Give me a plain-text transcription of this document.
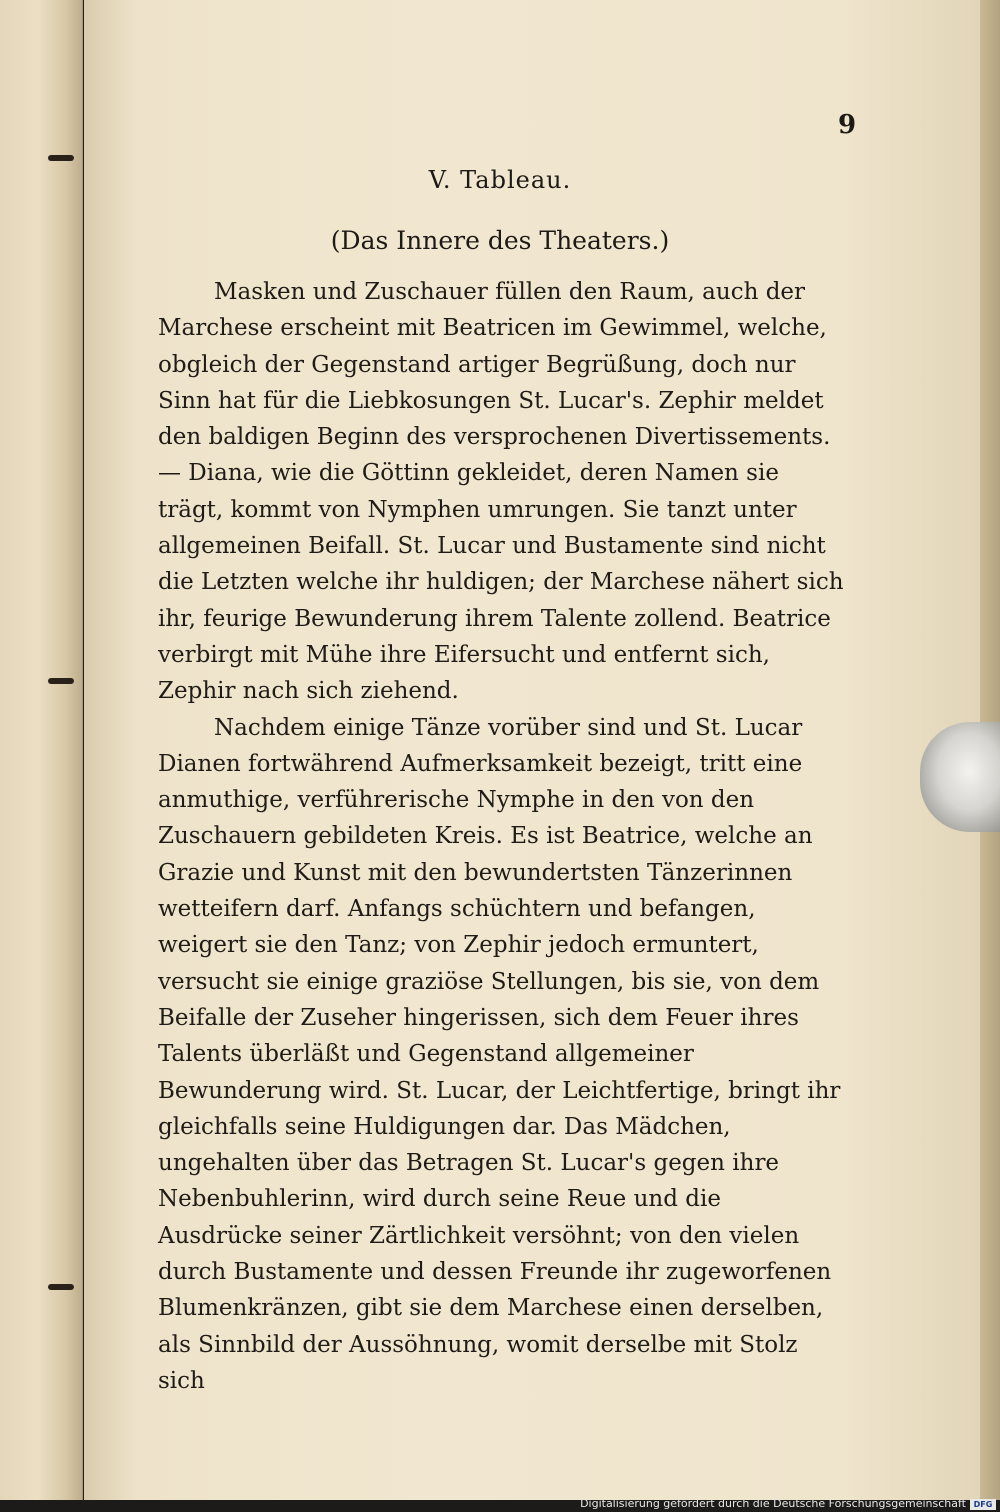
9
V. Tableau.
(Das Innere des Theaters.)

Masken und Zuschauer füllen den Raum, auch der Marchese erscheint mit Beatricen im Gewimmel, welche, obgleich der Gegenstand artiger Begrüßung, doch nur Sinn hat für die Liebkosungen St. Lucar's. Zephir meldet den baldigen Beginn des versprochenen Divertissements. — Diana, wie die Göttinn gekleidet, deren Namen sie trägt, kommt von Nymphen umrungen. Sie tanzt unter allgemeinen Beifall. St. Lucar und Bustamente sind nicht die Letzten welche ihr huldigen; der Marchese nähert sich ihr, feurige Bewunderung ihrem Talente zollend. Beatrice verbirgt mit Mühe ihre Eifersucht und entfernt sich, Zephir nach sich ziehend.

Nachdem einige Tänze vorüber sind und St. Lucar Dianen fortwährend Aufmerksamkeit bezeigt, tritt eine anmuthige, verführerische Nymphe in den von den Zuschauern gebildeten Kreis. Es ist Beatrice, welche an Grazie und Kunst mit den bewundertsten Tänzerinnen wetteifern darf. Anfangs schüchtern und befangen, weigert sie den Tanz; von Zephir jedoch ermuntert, versucht sie einige graziöse Stellungen, bis sie, von dem Beifalle der Zuseher hingerissen, sich dem Feuer ihres Talents überläßt und Gegenstand allgemeiner Bewunderung wird. St. Lucar, der Leichtfertige, bringt ihr gleichfalls seine Huldigungen dar. Das Mädchen, ungehalten über das Betragen St. Lucar's gegen ihre Nebenbuhlerinn, wird durch seine Reue und die Ausdrücke seiner Zärtlichkeit versöhnt; von den vielen durch Bustamente und dessen Freunde ihr zugeworfenen Blumenkränzen, gibt sie dem Marchese einen derselben, als Sinnbild der Aussöhnung, womit derselbe mit Stolz sich

Digitalisierung gefördert durch die Deutsche Forschungsgemeinschaft DFG
